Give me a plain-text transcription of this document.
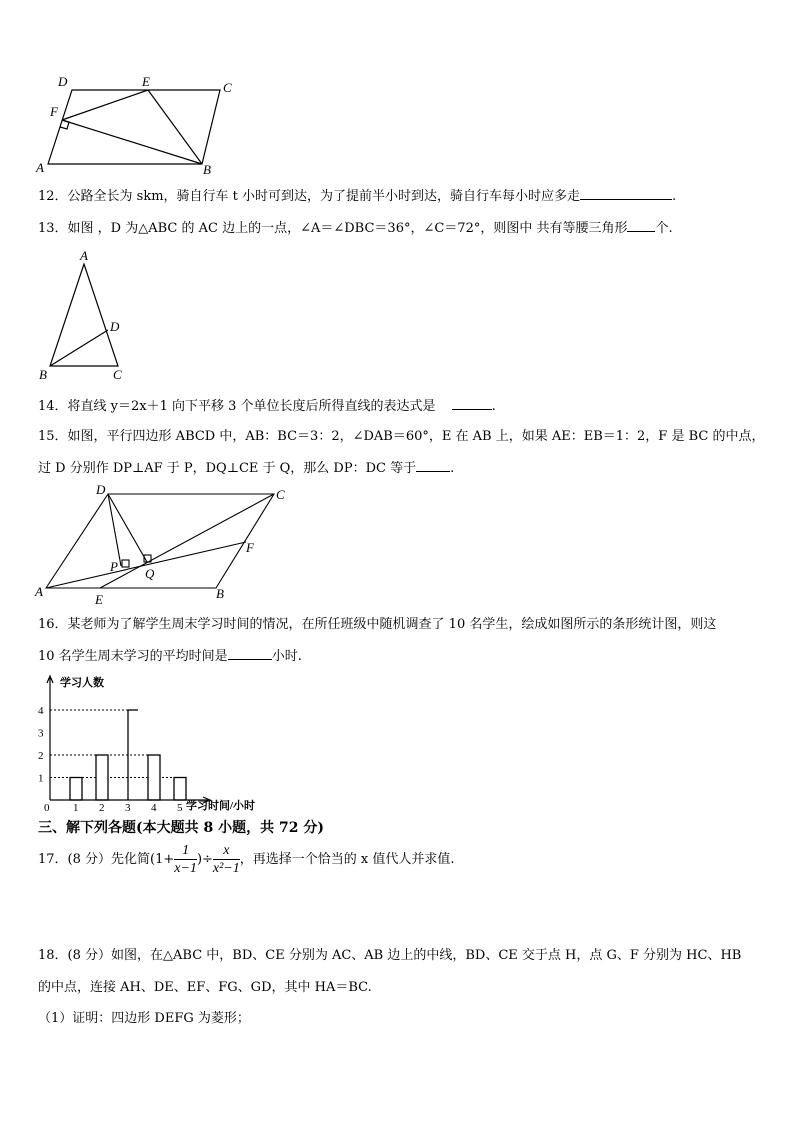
D	E	C
F
A	B
12．公路全长为 skm，骑自行车 t 小时可到达，为了提前半小时到达，骑自行车每小时应多走	.
13．如图 ，D 为△ABC 的 AC 边上的一点，∠A＝∠DBC＝36°，∠C＝72°，则图中 共有等腰三角形 个.
A
D
B	C
14．将直线 y＝2x＋1 向下平移 3 个单位长度后所得直线的表达式是	.
15．如图，平行四边形 ABCD 中，AB：BC＝3：2，∠DAB＝60°，E 在 AB 上，如果 AE：EB＝1：2，F 是 BC 的中点，
过 D 分别作 DP⊥AF 于 P，DQ⊥CE 于 Q，那么 DP：DC 等于	.
D	C
F
P Q
A
E	B
16．某老师为了解学生周末学习时间的情况，在所任班级中随机调查了 10 名学生，绘成如图所示的条形统计图，则这
10 名学生周末学习的平均时间是	小时.
1
2
3
4
0 1 2 3 4 5
学习人数
学习时间/小时
三、解下列各题(本大题共 8 小题，共 72 分)
17．(8 分）先化简($1+ \frac{1}{x-1}$ )÷ $\frac{x}{\text{x²−1}}$ ，再选择一个恰当的 x 值代人并求值.
18．(8 分）如图，在△ABC 中，BD、CE 分别为 AC、AB 边上的中线，BD、CE 交于点 H，点 G、F 分别为 HC、HB
的中点，连接 AH、DE、EF、FG、GD，其中 HA＝BC.
（1）证明：四边形 DEFG 为菱形；
